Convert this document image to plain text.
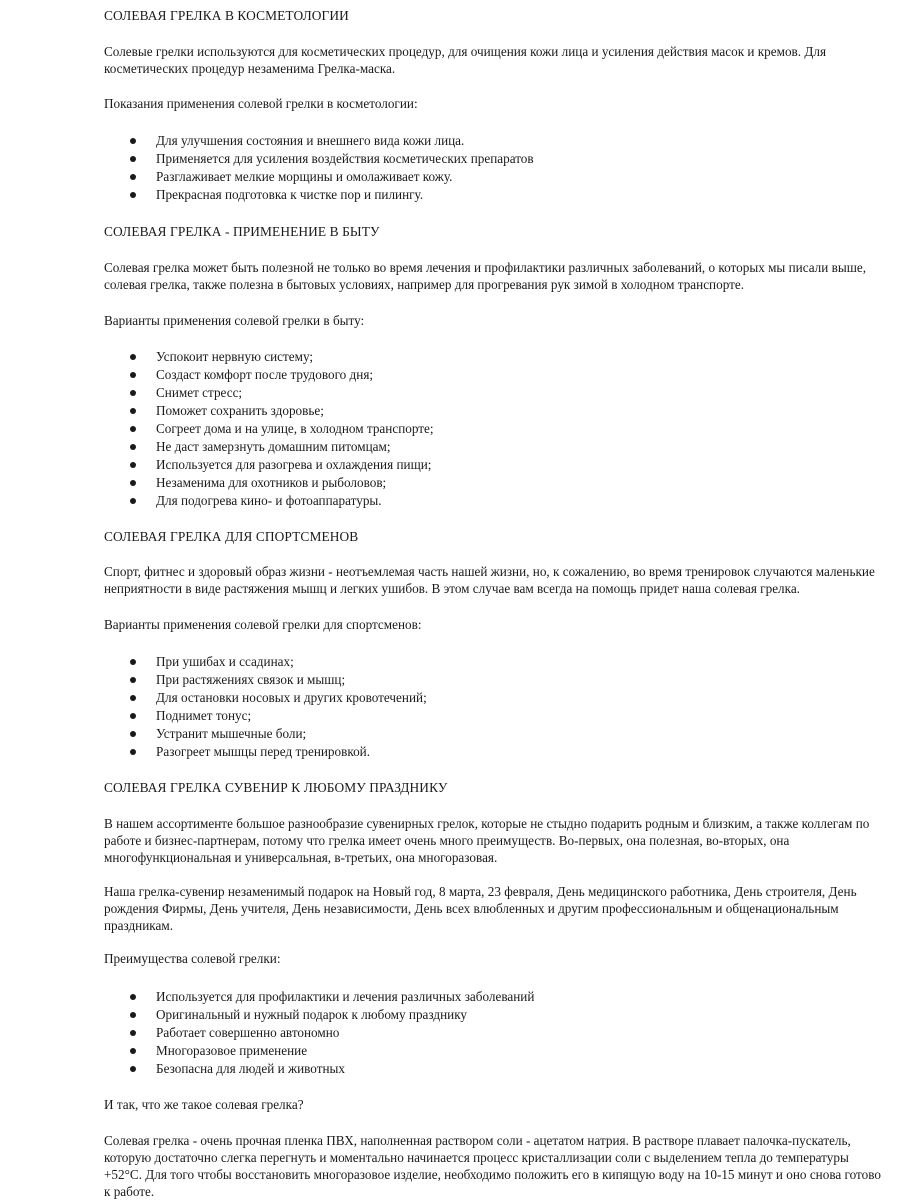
СОЛЕВАЯ ГРЕЛКА В КОСМЕТОЛОГИИ

Солевые грелки используются для косметических процедур, для очищения кожи лица и усиления действия масок и кремов. Для косметических процедур незаменима Грелка-маска.

Показания применения солевой грелки в косметологии:

Для улучшения состояния и внешнего вида кожи лица.
Применяется для усиления воздействия косметических препаратов
Разглаживает мелкие морщины и омолаживает кожу.
Прекрасная подготовка к чистке пор и пилингу.
СОЛЕВАЯ ГРЕЛКА - ПРИМЕНЕНИЕ В БЫТУ

Солевая грелка может быть полезной не только во время лечения и профилактики различных заболеваний, о которых мы писали выше, солевая грелка, также полезна в бытовых условиях, например для прогревания рук зимой в холодном транспорте.

Варианты применения солевой грелки в быту:

Успокоит нервную систему;
Создаст комфорт после трудового дня;
Снимет стресс;
Поможет сохранить здоровье;
Согреет дома и на улице, в холодном транспорте;
Не даст замерзнуть домашним питомцам;
Используется для разогрева и охлаждения пищи;
Незаменима для охотников и рыболовов;
Для подогрева кино- и фотоаппаратуры.
СОЛЕВАЯ ГРЕЛКА ДЛЯ СПОРТСМЕНОВ

Спорт, фитнес и здоровый образ жизни - неотъемлемая часть нашей жизни, но, к сожалению, во время тренировок случаются маленькие неприятности в виде растяжения мышц и легких ушибов. В этом случае вам всегда на помощь придет наша солевая грелка.

Варианты применения солевой грелки для спортсменов:

При ушибах и ссадинах;
При растяжениях связок и мышц;
Для остановки носовых и других кровотечений;
Поднимет тонус;
Устранит мышечные боли;
Разогреет мышцы перед тренировкой.
СОЛЕВАЯ ГРЕЛКА СУВЕНИР К ЛЮБОМУ ПРАЗДНИКУ

В нашем ассортименте большое разнообразие сувенирных грелок, которые не стыдно подарить родным и близким, а также коллегам по работе и бизнес-партнерам, потому что грелка имеет очень много преимуществ. Во-первых, она полезная, во-вторых, она многофункциональная и универсальная, в-третьих, она многоразовая.

Наша грелка-сувенир незаменимый подарок на Новый год, 8 марта, 23 февраля, День медицинского работника, День строителя, День рождения Фирмы, День учителя, День независимости, День всех влюбленных и другим профессиональным и общенациональным праздникам.

Преимущества солевой грелки:

Используется для профилактики и лечения различных заболеваний
Оригинальный и нужный подарок к любому празднику
Работает совершенно автономно
Многоразовое применение
Безопасна для людей и животных

И так, что же такое солевая грелка?

Солевая грелка - очень прочная пленка ПВХ, наполненная раствором соли - ацетатом натрия. В растворе плавает палочка-пускатель, которую достаточно слегка перегнуть и моментально начинается процесс кристаллизации соли с выделением тепла до температуры +52°С. Для того чтобы восстановить многоразовое изделие, необходимо положить его в кипящую воду на 10-15 минут и оно снова готово к работе.
